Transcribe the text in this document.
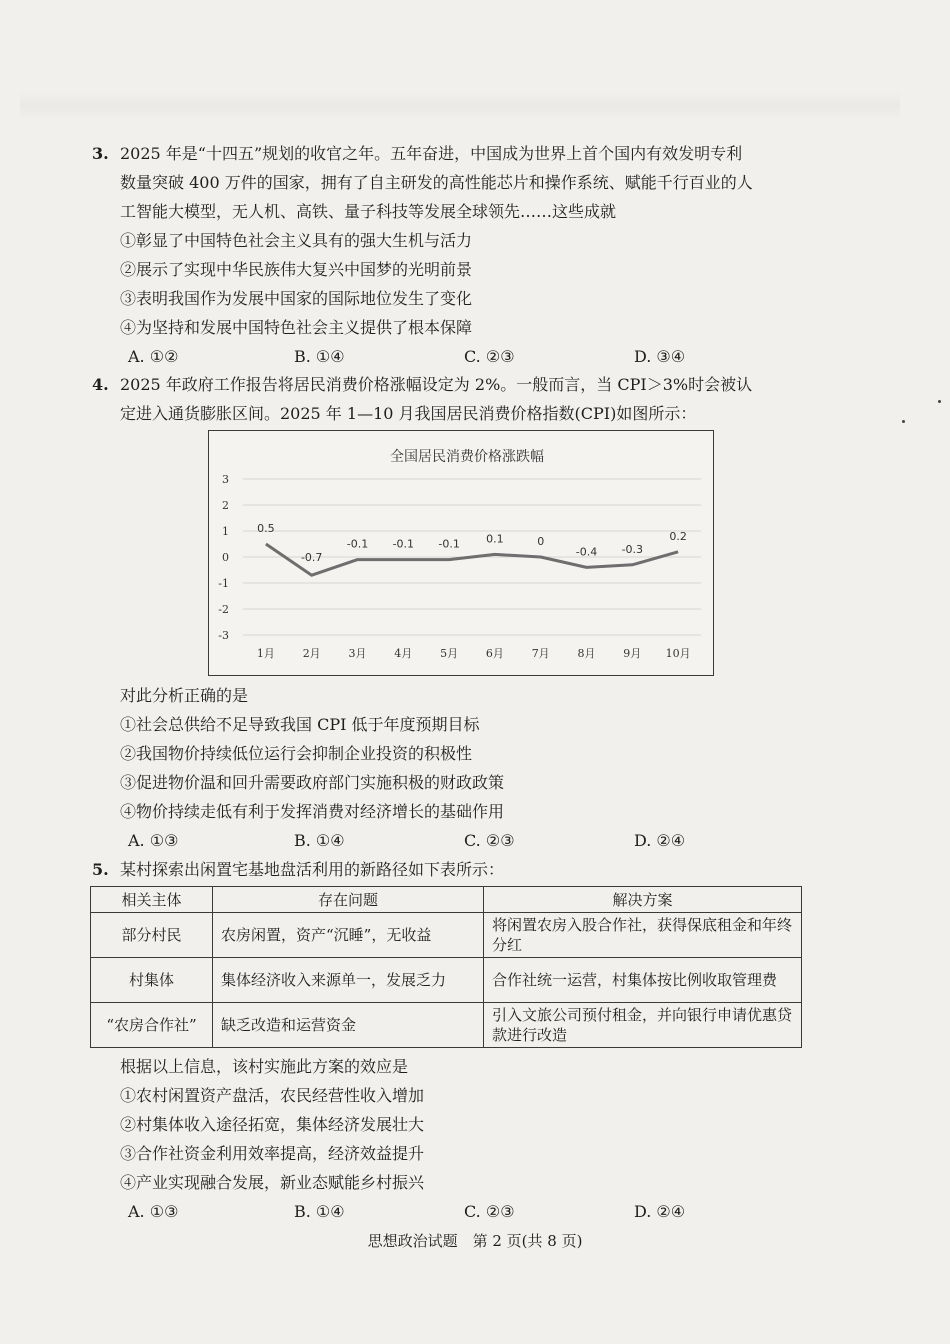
3. 2025 年是“十四五”规划的收官之年。五年奋进，中国成为世界上首个国内有效发明专利
数量突破 400 万件的国家，拥有了自主研发的高性能芯片和操作系统、赋能千行百业的人
工智能大模型，无人机、高铁、量子科技等发展全球领先……这些成就
①彰显了中国特色社会主义具有的强大生机与活力
②展示了实现中华民族伟大复兴中国梦的光明前景
③表明我国作为发展中国家的国际地位发生了变化
④为坚持和发展中国特色社会主义提供了根本保障
A. ①②	B. ①④	C. ②③	D. ③④
4. 2025 年政府工作报告将居民消费价格涨幅设定为 2%。一般而言，当 CPI＞3%时会被认
定进入通货膨胀区间。2025 年 1—10 月我国居民消费价格指数(CPI)如图所示：
全国居民消费价格涨跌幅
3
2
1
0
-1
-2
-3
0.5
-0.7
-0.1 -0.1 -0.1 0.1	0
-0.4 -0.3
0.2
1月	2月	3月	4月	5月	6月	7月	8月	9月 10月
对此分析正确的是
①社会总供给不足导致我国 CPI 低于年度预期目标
②我国物价持续低位运行会抑制企业投资的积极性
③促进物价温和回升需要政府部门实施积极的财政政策
④物价持续走低有利于发挥消费对经济增长的基础作用
A. ①③	B. ①④	C. ②③	D. ②④
5. 某村探索出闲置宅基地盘活利用的新路径如下表所示：
相关主体	存在问题	解决方案
部分村民	农房闲置，资产“沉睡”，无收益	将闲置农房入股合作社，获得保底租金和年终分红
村集体	集体经济收入来源单一，发展乏力	合作社统一运营，村集体按比例收取管理费
“农房合作社”	缺乏改造和运营资金	引入文旅公司预付租金，并向银行申请优惠贷款进行改造
根据以上信息，该村实施此方案的效应是
①农村闲置资产盘活，农民经营性收入增加
②村集体收入途径拓宽，集体经济发展壮大
③合作社资金利用效率提高，经济效益提升
④产业实现融合发展，新业态赋能乡村振兴
A. ①③	B. ①④	C. ②③	D. ②④
思想政治试题　第 2 页(共 8 页)
